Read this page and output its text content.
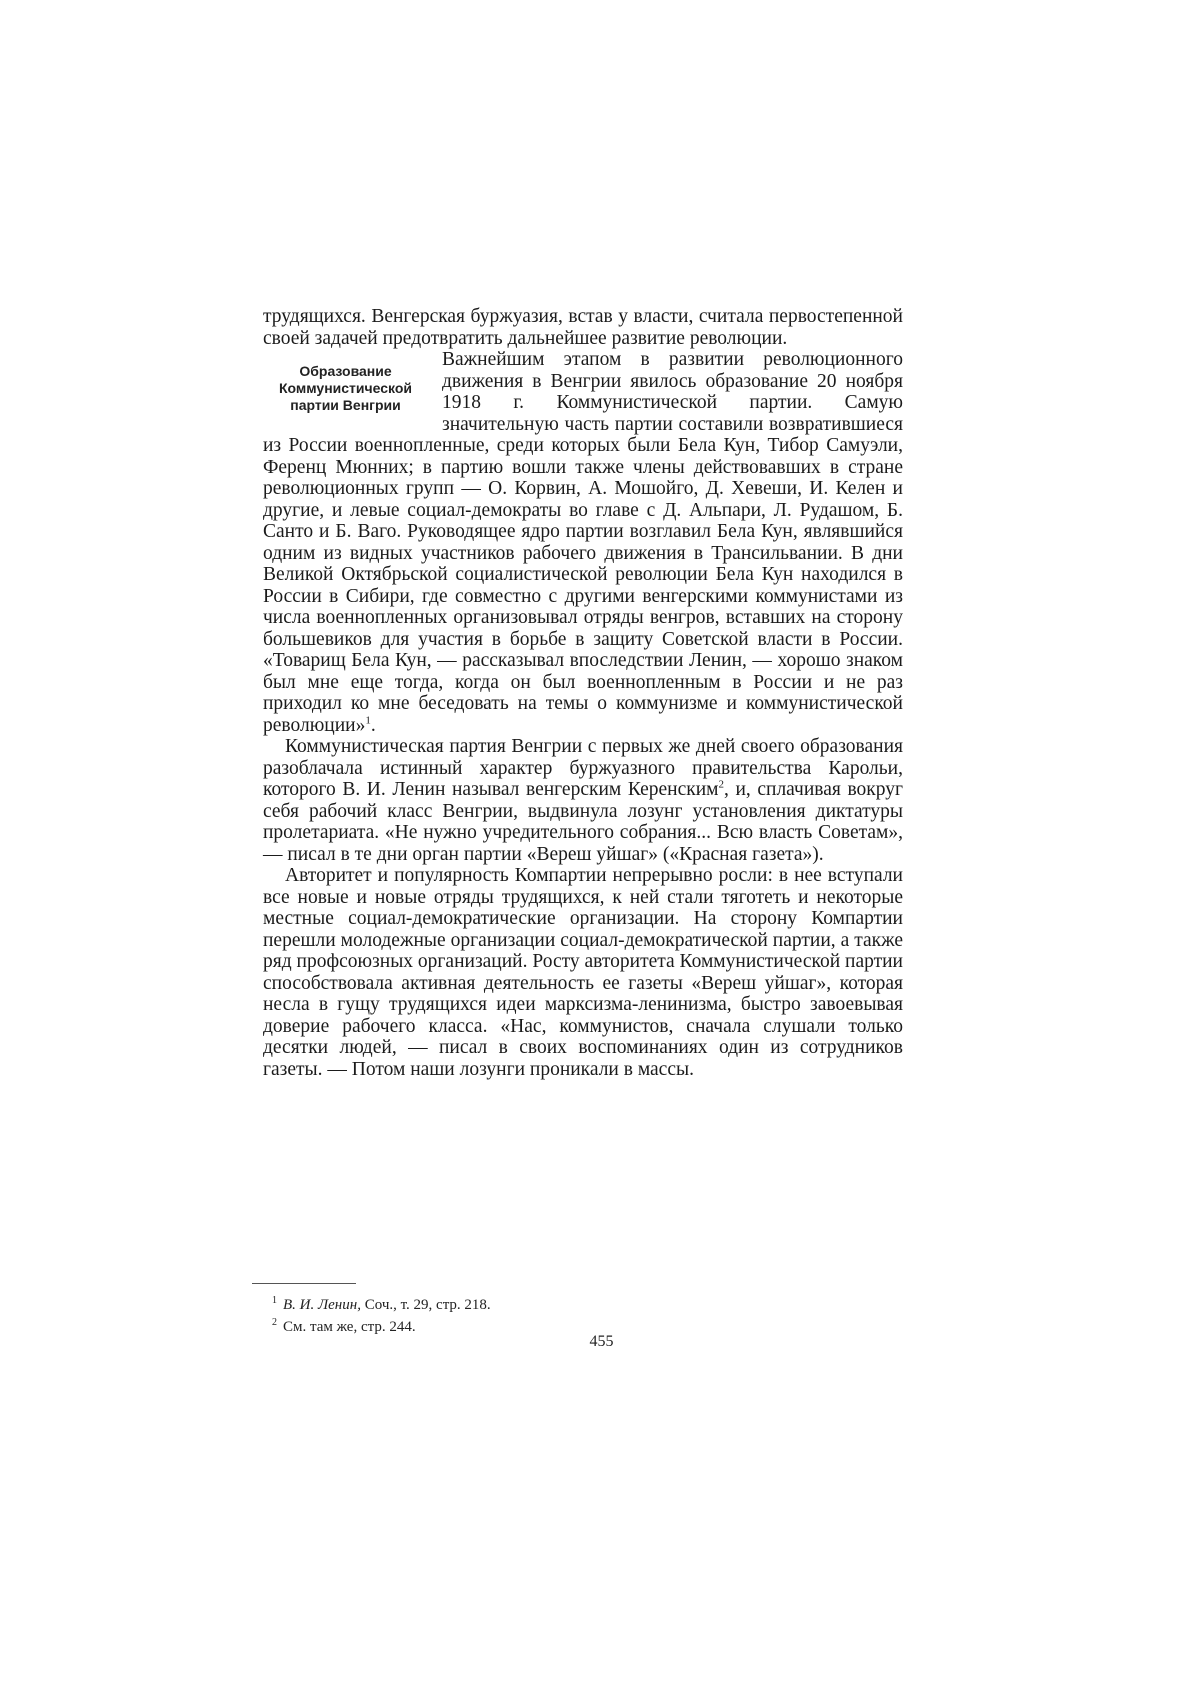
трудящихся. Венгерская буржуазия, встав у власти, считала первостепенной своей задачей предотвратить дальнейшее развитие революции.

Образование
Коммунистической
партии Венгрии

Важнейшим этапом в развитии революционного движения в Венгрии явилось образование 20 ноября 1918 г. Коммунистической партии. Самую значительную часть партии составили возвратившиеся из России военнопленные, среди которых были Бела Кун, Тибор Самуэли, Ференц Мюнних; в партию вошли также члены действовавших в стране революционных групп — О. Корвин, А. Мошойго, Д. Хевеши, И. Келен и другие, и левые социал-демократы во главе с Д. Альпари, Л. Рудашом, Б. Санто и Б. Ваго. Руководящее ядро партии возглавил Бела Кун, являвшийся одним из видных участников рабочего движения в Трансильвании. В дни Великой Октябрьской социалистической революции Бела Кун находился в России в Сибири, где совместно с другими венгерскими коммунистами из числа военнопленных организовывал отряды венгров, вставших на сторону большевиков для участия в борьбе в защиту Советской власти в России. «Товарищ Бела Кун, — рассказывал впоследствии Ленин, — хорошо знаком был мне еще тогда, когда он был военнопленным в России и не раз приходил ко мне беседовать на темы о коммунизме и коммунистической революции»$^1$.

Коммунистическая партия Венгрии с первых же дней своего образования разоблачала истинный характер буржуазного правительства Карольи, которого В. И. Ленин называл венгерским Керенским$^2$, и, сплачивая вокруг себя рабочий класс Венгрии, выдвинула лозунг установления диктатуры пролетариата. «Не нужно учредительного собрания... Всю власть Советам», — писал в те дни орган партии «Вереш уйшаг» («Красная газета»).

Авторитет и популярность Компартии непрерывно росли: в нее вступали все новые и новые отряды трудящихся, к ней стали тяготеть и некоторые местные социал-демократические организации. На сторону Компартии перешли молодежные организации социал-демократической партии, а также ряд профсоюзных организаций. Росту авторитета Коммунистической партии способствовала активная деятельность ее газеты «Вереш уйшаг», которая несла в гущу трудящихся идеи марксизма-ленинизма, быстро завоевывая доверие рабочего класса. «Нас, коммунистов, сначала слушали только десятки людей, — писал в своих воспоминаниях один из сотрудников газеты. — Потом наши лозунги проникали в массы.

$^1$ В. И. Ленин, Соч., т. 29, стр. 218.

$^2$ См. там же, стр. 244.

455
